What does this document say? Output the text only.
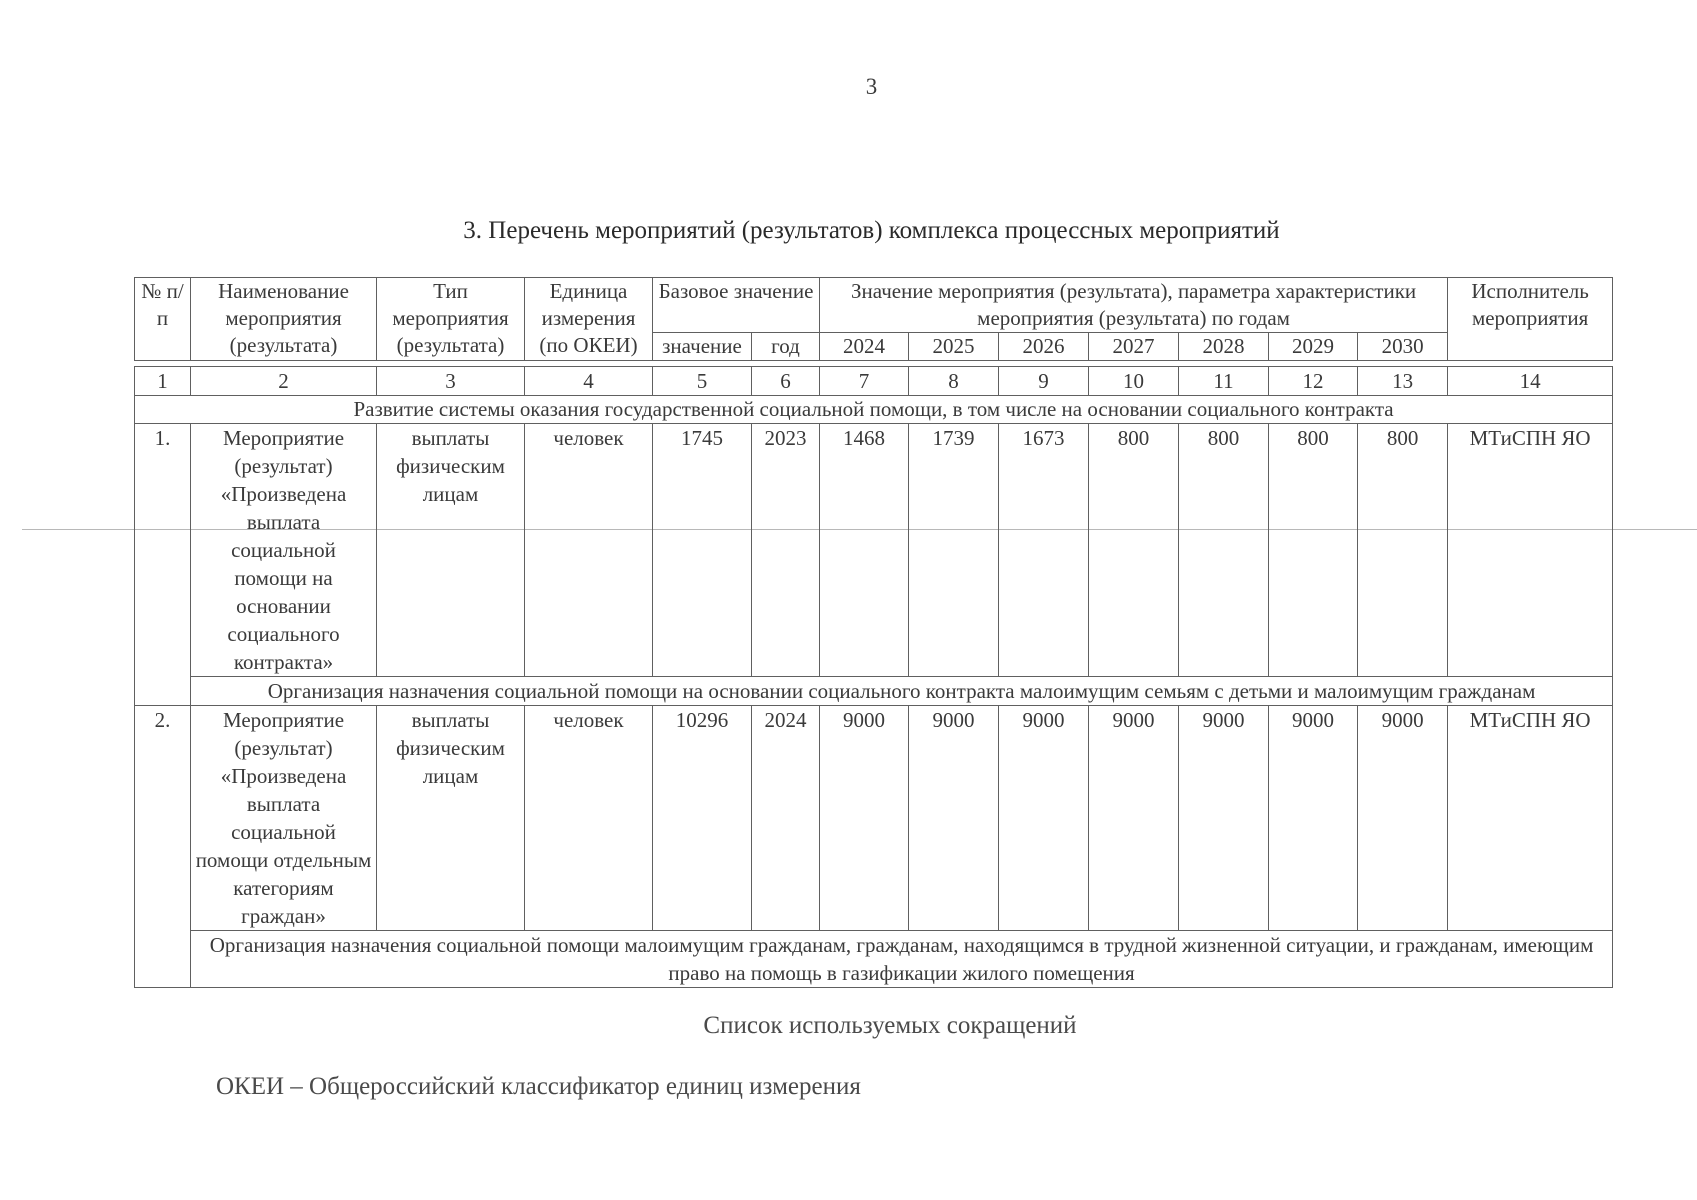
3
3. Перечень мероприятий (результатов) комплекса процессных мероприятий
№ п/п	Наименование мероприятия (результата)	Тип мероприятия (результата)	Единица измерения (по ОКЕИ)	Базовое значение		Значение мероприятия (результата), параметра характеристики мероприятия (результата) по годам							Исполнитель мероприятия
				значение	год	2024	2025	2026	2027	2028	2029	2030	

1	2	3	4	5	6	7	8	9	10	11	12	13	14
Развитие системы оказания государственной социальной помощи, в том числе на основании социального контракта													
1.	Мероприятие (результат) «Произведена выплата социальной помощи на основании социального контракта»	выплаты физическим лицам	человек	1745	2023	1468	1739	1673	800	800	800	800	МТиСПН ЯО
	Организация назначения социальной помощи на основании социального контракта малоимущим семьям с детьми и малоимущим гражданам												
2.	Мероприятие (результат) «Произведена выплата социальной помощи отдельным категориям граждан»	выплаты физическим лицам	человек	10296	2024	9000	9000	9000	9000	9000	9000	9000	МТиСПН ЯО
	Организация назначения социальной помощи малоимущим гражданам, гражданам, находящимся в трудной жизненной ситуации, и гражданам, имеющим право на помощь в газификации жилого помещения												
Список используемых сокращений
ОКЕИ – Общероссийский классификатор единиц измерения
